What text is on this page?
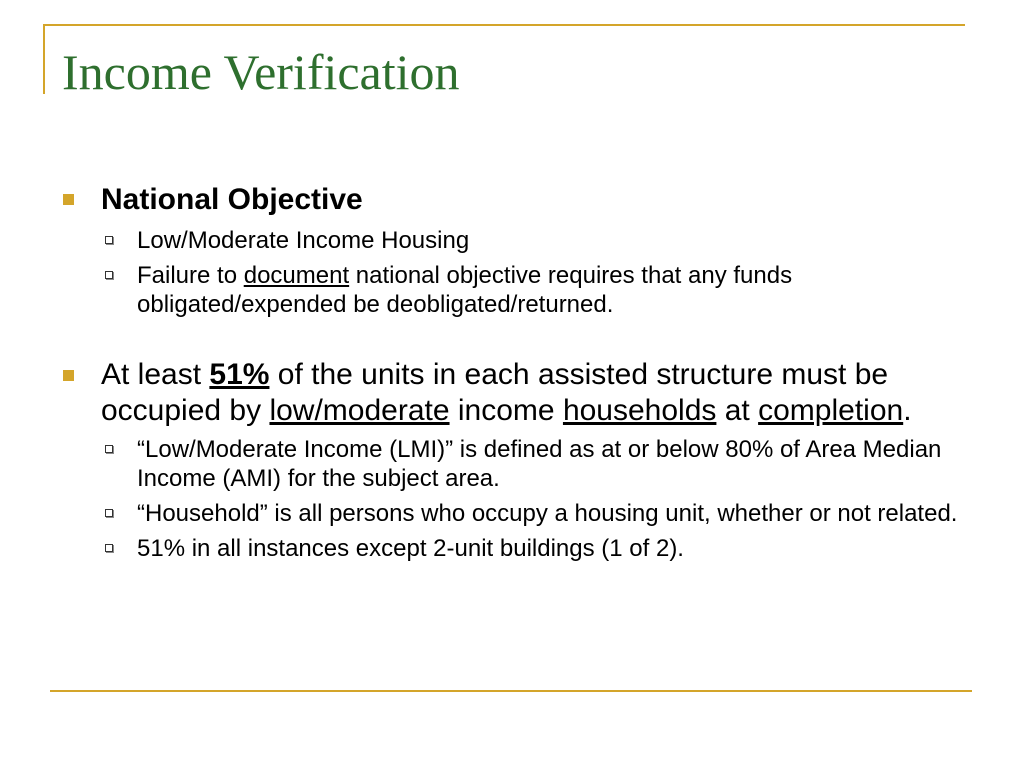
Income Verification
National Objective
Low/Moderate Income Housing
Failure to document national objective requires that any funds obligated/expended be deobligated/returned.
At least 51% of the units in each assisted structure must be occupied by low/moderate income households at completion.
“Low/Moderate Income (LMI)” is defined as at or below 80% of Area Median Income (AMI) for the subject area.
“Household” is all persons who occupy a housing unit, whether or not related.
51% in all instances except 2-unit buildings (1 of 2).
